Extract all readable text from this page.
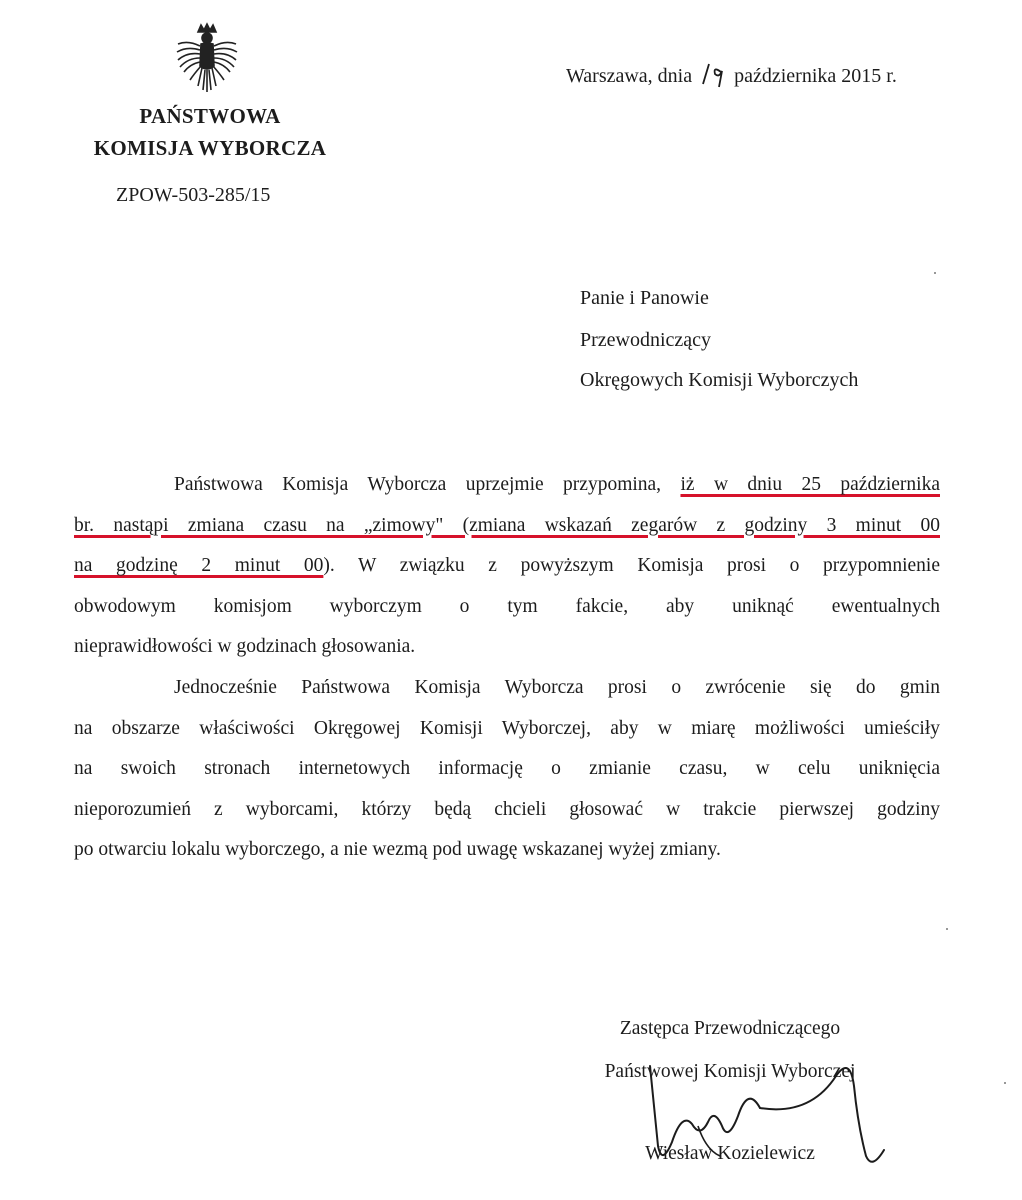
PAŃSTWOWA
KOMISJA WYBORCZA
ZPOW-503-285/15
Warszawa, dnia października 2015 r.
Panie i Panowie
Przewodniczący
Okręgowych Komisji Wyborczych
Państwowa Komisja Wyborcza uprzejmie przypomina, iż w dniu 25 października
br. nastąpi zmiana czasu na „zimowy" (zmiana wskazań zegarów z godziny 3 minut 00
na godzinę 2 minut 00). W związku z powyższym Komisja prosi o przypomnienie
obwodowym komisjom wyborczym o tym fakcie, aby uniknąć ewentualnych
nieprawidłowości w godzinach głosowania.
Jednocześnie Państwowa Komisja Wyborcza prosi o zwrócenie się do gmin
na obszarze właściwości Okręgowej Komisji Wyborczej, aby w miarę możliwości umieściły
na swoich stronach internetowych informację o zmianie czasu, w celu uniknięcia
nieporozumień z wyborcami, którzy będą chcieli głosować w trakcie pierwszej godziny
po otwarciu lokalu wyborczego, a nie wezmą pod uwagę wskazanej wyżej zmiany.
Zastępca Przewodniczącego
Państwowej Komisji Wyborczej
Wiesław Kozielewicz
